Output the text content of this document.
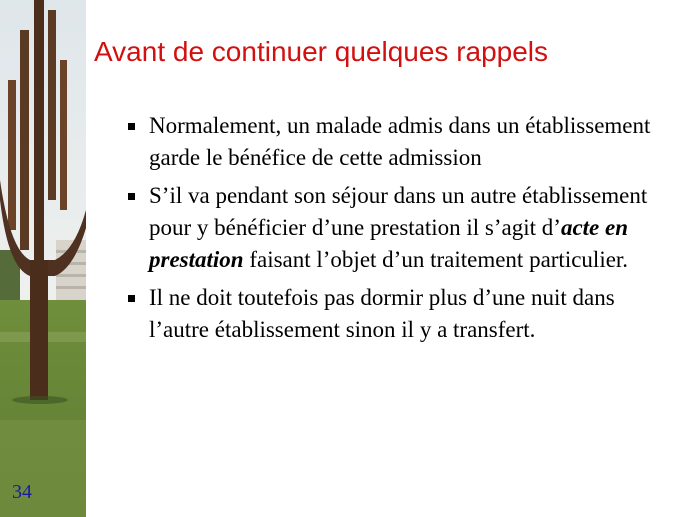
Avant de continuer quelques rappels
Normalement, un malade admis dans un établissement garde le bénéfice de cette admission
S’il va pendant son séjour dans un autre établissement pour y bénéficier d’une prestation il s’agit d’acte en prestation faisant l’objet d’un traitement particulier.
Il ne doit toutefois pas dormir plus d’une nuit dans l’autre établissement sinon il y a transfert.
34
